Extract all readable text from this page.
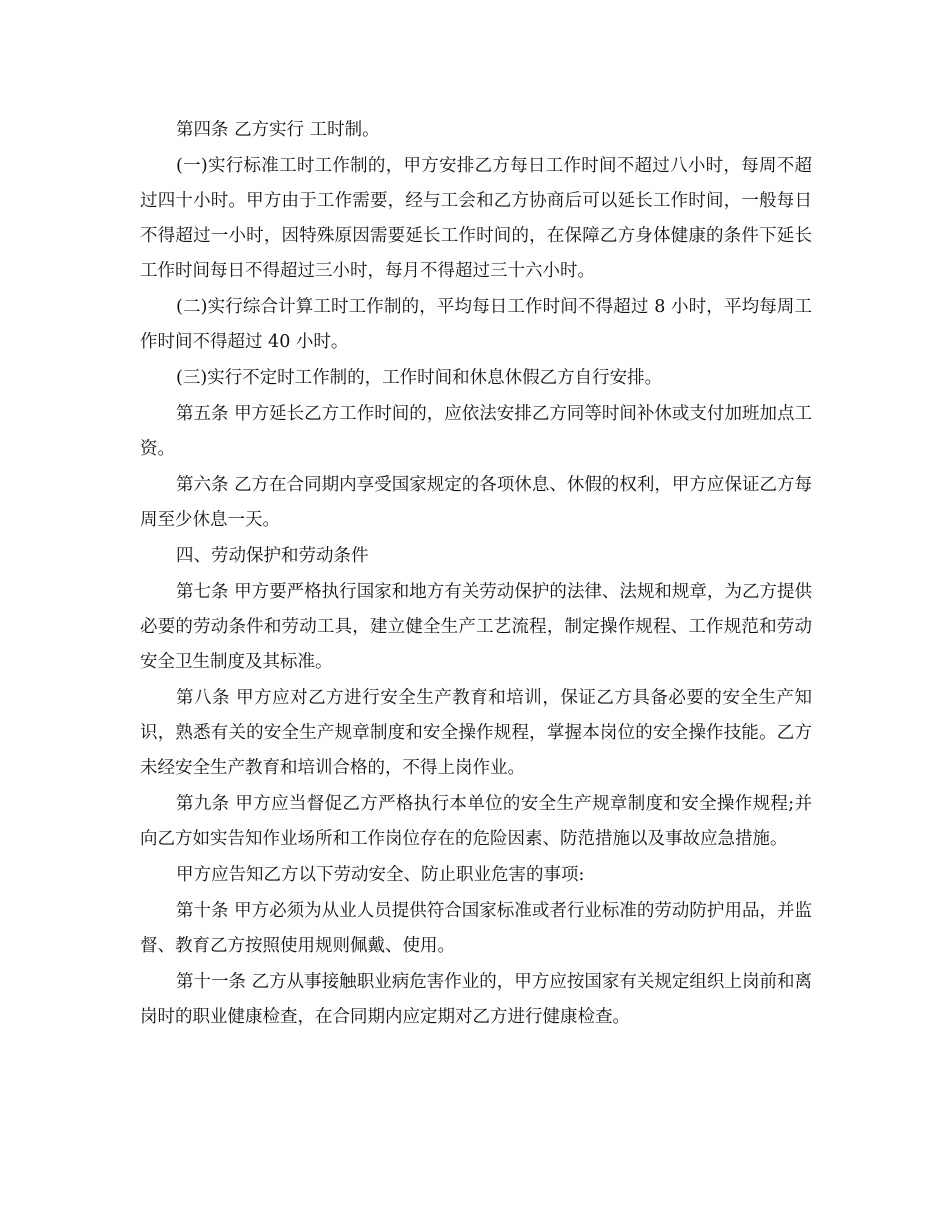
第四条 乙方实行 工时制。

(一)实行标准工时工作制的，甲方安排乙方每日工作时间不超过八小时，每周不超过四十小时。甲方由于工作需要，经与工会和乙方协商后可以延长工作时间，一般每日不得超过一小时，因特殊原因需要延长工作时间的，在保障乙方身体健康的条件下延长工作时间每日不得超过三小时，每月不得超过三十六小时。

(二)实行综合计算工时工作制的，平均每日工作时间不得超过 8 小时，平均每周工作时间不得超过 40 小时。

(三)实行不定时工作制的，工作时间和休息休假乙方自行安排。

第五条 甲方延长乙方工作时间的，应依法安排乙方同等时间补休或支付加班加点工资。

第六条 乙方在合同期内享受国家规定的各项休息、休假的权利，甲方应保证乙方每周至少休息一天。

四、劳动保护和劳动条件

第七条 甲方要严格执行国家和地方有关劳动保护的法律、法规和规章，为乙方提供必要的劳动条件和劳动工具，建立健全生产工艺流程，制定操作规程、工作规范和劳动安全卫生制度及其标准。

第八条 甲方应对乙方进行安全生产教育和培训，保证乙方具备必要的安全生产知识，熟悉有关的安全生产规章制度和安全操作规程，掌握本岗位的安全操作技能。乙方未经安全生产教育和培训合格的，不得上岗作业。

第九条 甲方应当督促乙方严格执行本单位的安全生产规章制度和安全操作规程;并向乙方如实告知作业场所和工作岗位存在的危险因素、防范措施以及事故应急措施。

甲方应告知乙方以下劳动安全、防止职业危害的事项:

第十条 甲方必须为从业人员提供符合国家标准或者行业标准的劳动防护用品，并监督、教育乙方按照使用规则佩戴、使用。

第十一条 乙方从事接触职业病危害作业的，甲方应按国家有关规定组织上岗前和离岗时的职业健康检查，在合同期内应定期对乙方进行健康检查。
